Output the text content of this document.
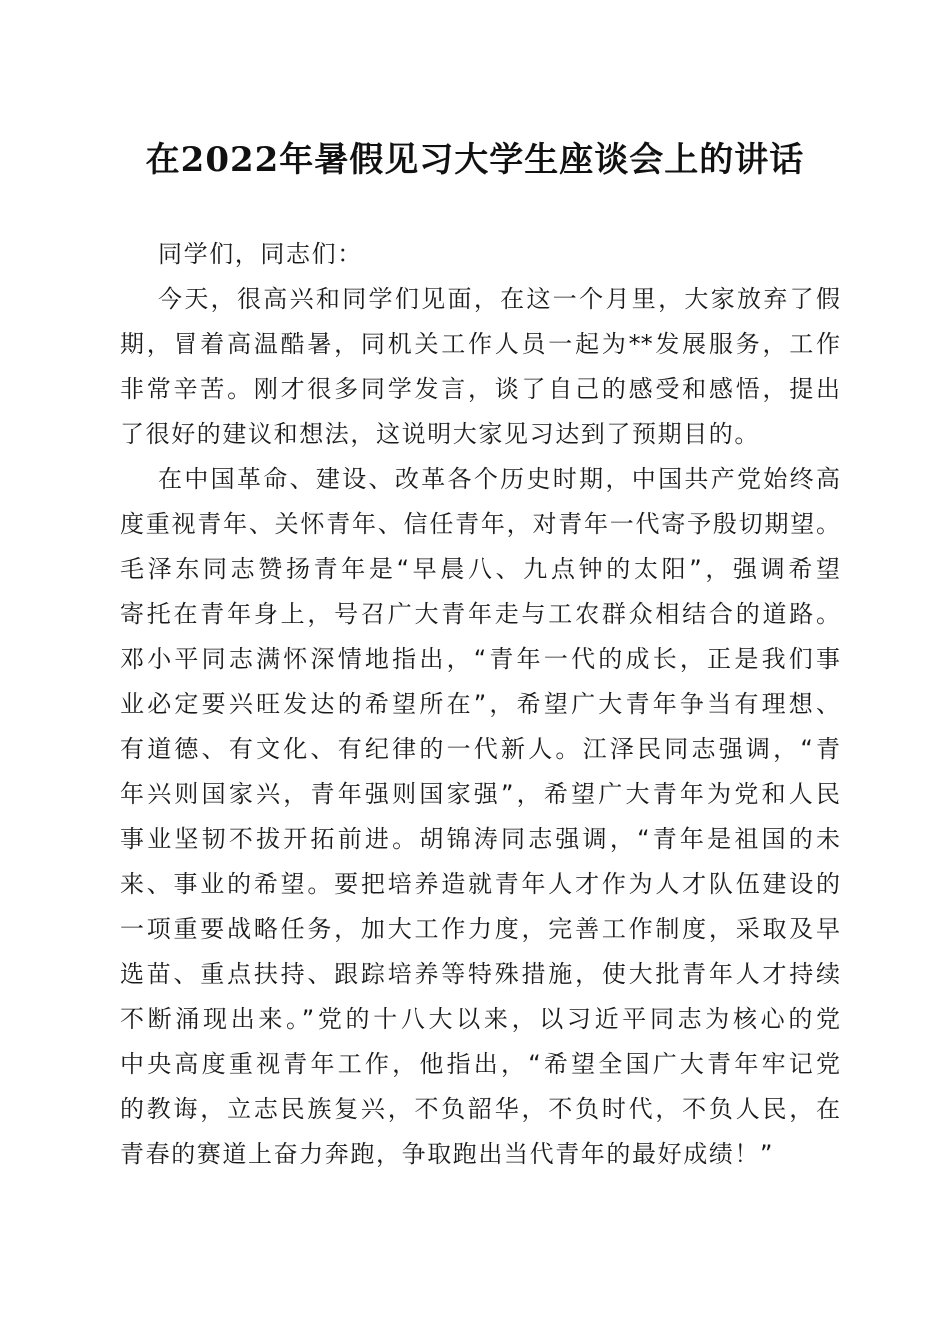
在2022年暑假见习大学生座谈会上的讲话
同学们，同志们：
今天，很高兴和同学们见面，在这一个月里，大家放弃了假
期，冒着高温酷暑，同机关工作人员一起为**发展服务，工作
非常辛苦。刚才很多同学发言，谈了自己的感受和感悟，提出
了很好的建议和想法，这说明大家见习达到了预期目的。
在中国革命、建设、改革各个历史时期，中国共产党始终高
度重视青年、关怀青年、信任青年，对青年一代寄予殷切期望。
毛泽东同志赞扬青年是“早晨八、九点钟的太阳”，强调希望
寄托在青年身上，号召广大青年走与工农群众相结合的道路。
邓小平同志满怀深情地指出，“青年一代的成长，正是我们事
业必定要兴旺发达的希望所在”，希望广大青年争当有理想、
有道德、有文化、有纪律的一代新人。江泽民同志强调，“青
年兴则国家兴，青年强则国家强”，希望广大青年为党和人民
事业坚韧不拔开拓前进。胡锦涛同志强调，“青年是祖国的未
来、事业的希望。要把培养造就青年人才作为人才队伍建设的
一项重要战略任务，加大工作力度，完善工作制度，采取及早
选苗、重点扶持、跟踪培养等特殊措施，使大批青年人才持续
不断涌现出来。”党的十八大以来，以习近平同志为核心的党
中央高度重视青年工作，他指出，“希望全国广大青年牢记党
的教诲，立志民族复兴，不负韶华，不负时代，不负人民，在
青春的赛道上奋力奔跑，争取跑出当代青年的最好成绩！”
